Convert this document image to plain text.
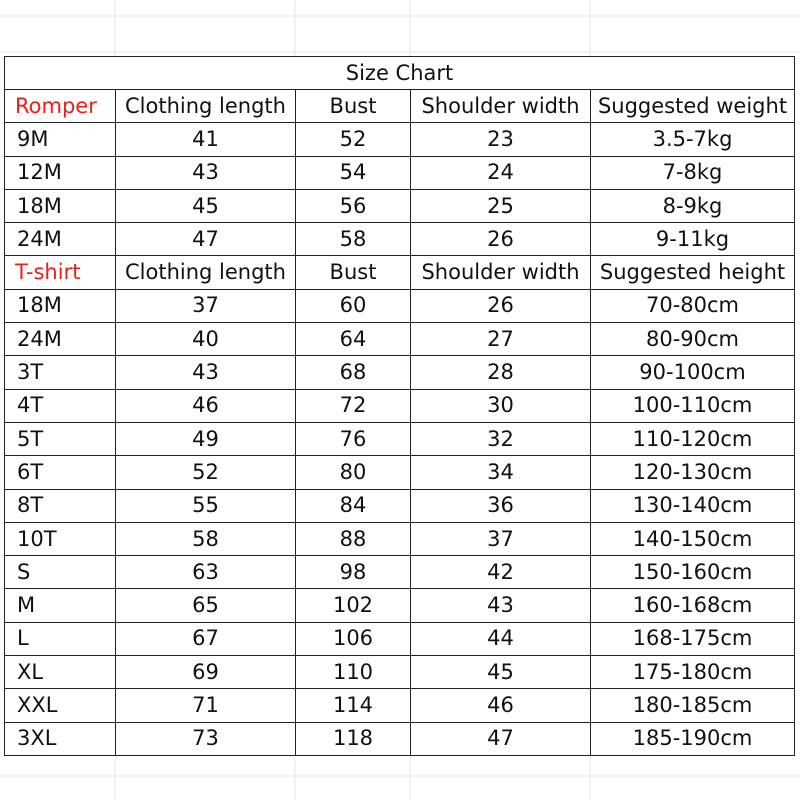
Size Chart				
Romper	Clothing length	Bust	Shoulder width	Suggested weight
9M	41	52	23	3.5-7kg
12M	43	54	24	7-8kg
18M	45	56	25	8-9kg
24M	47	58	26	9-11kg
T-shirt	Clothing length	Bust	Shoulder width	Suggested height
18M	37	60	26	70-80cm
24M	40	64	27	80-90cm
3T	43	68	28	90-100cm
4T	46	72	30	100-110cm
5T	49	76	32	110-120cm
6T	52	80	34	120-130cm
8T	55	84	36	130-140cm
10T	58	88	37	140-150cm
S	63	98	42	150-160cm
M	65	102	43	160-168cm
L	67	106	44	168-175cm
XL	69	110	45	175-180cm
XXL	71	114	46	180-185cm
3XL	73	118	47	185-190cm
